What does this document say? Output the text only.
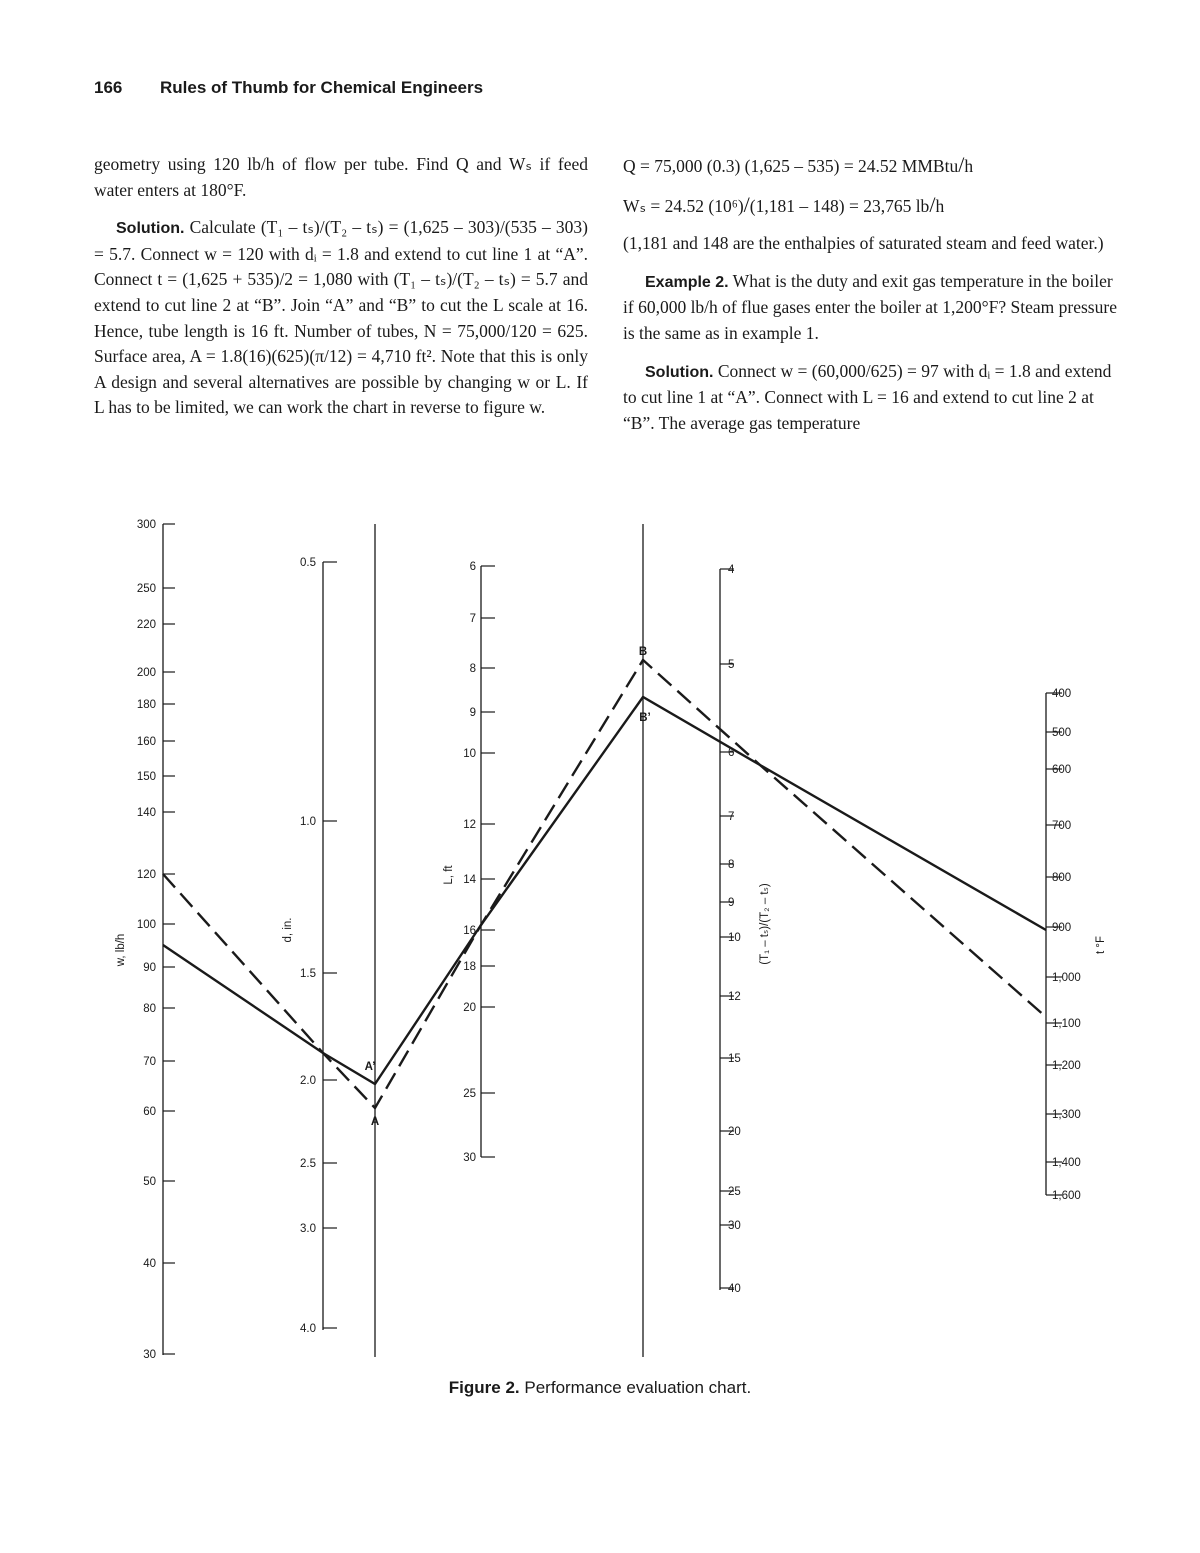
166 Rules of Thumb for Chemical Engineers

geometry using 120 lb/h of flow per tube. Find Q and Wₛ if feed water enters at 180°F.

Solution. Calculate (T₁ – tₛ)/(T₂ – tₛ) = (1,625 – 303)/(535 – 303) = 5.7. Connect w = 120 with dᵢ = 1.8 and extend to cut line 1 at “A”. Connect t = (1,625 + 535)/2 = 1,080 with (T₁ – tₛ)/(T₂ – tₛ) = 5.7 and extend to cut line 2 at “B”. Join “A” and “B” to cut the L scale at 16. Hence, tube length is 16 ft. Number of tubes, N = 75,000/120 = 625. Surface area, A = 1.8(16)(625)(π/12) = 4,710 ft². Note that this is only A design and several alternatives are possible by changing w or L. If L has to be limited, we can work the chart in reverse to figure w.

Q = 75,000 (0.3) (1,625 – 535) = 24.52 MMBtu/h

Wₛ = 24.52 (10⁶)/(1,181 – 148) = 23,765 lb/h

(1,181 and 148 are the enthalpies of saturated steam and feed water.)

Example 2. What is the duty and exit gas temperature in the boiler if 60,000 lb/h of flue gases enter the boiler at 1,200°F? Steam pressure is the same as in example 1.

Solution. Connect w = (60,000/625) = 97 with dᵢ = 1.8 and extend to cut line 1 at “A”. Connect with L = 16 and extend to cut line 2 at “B”. The average gas temperature

300
250
220
200
180
160
150
140
120
100
90
80
70
60
50
40
30
0.5
1.0
1.5
2.0
2.5
3.0
4.0
6
7
8
9
10
12
14
16
18
20
25
30
4
5
6
7
8
9
10
12
15
20
25
30
40
400
500
600
700
800
900
1,000
1,100
1,200
1,300
1,400
1,600
w, lb/h
d, in.
L, ft
(T₁ – tₛ)/(T₂ – tₛ)	t °F
A
A’
B
B’
Figure 2. Performance evaluation chart.
